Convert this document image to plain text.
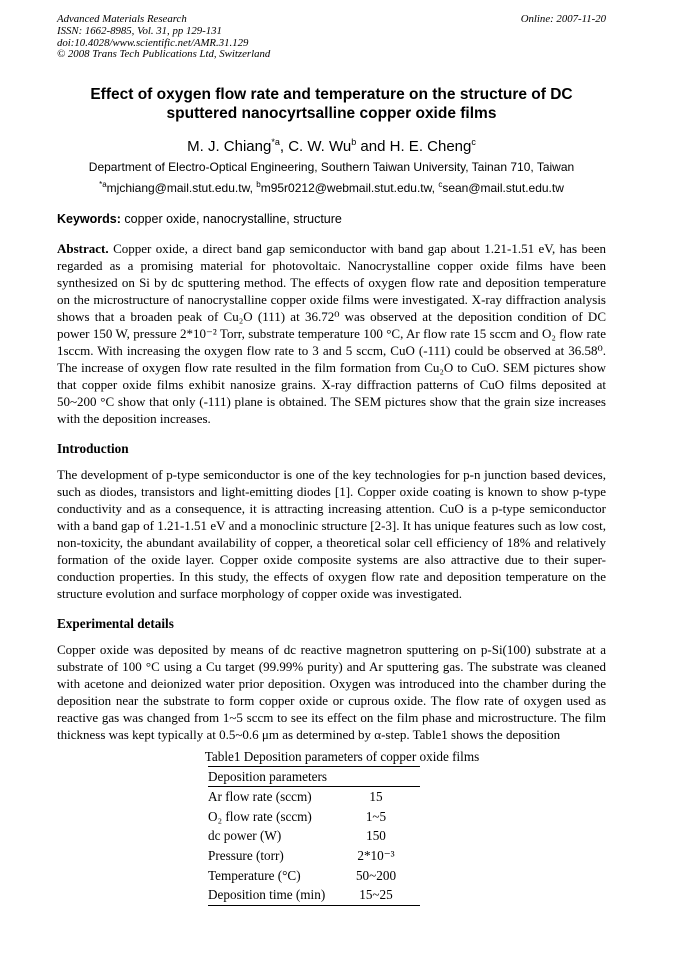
Advanced Materials Research
ISSN: 1662-8985, Vol. 31, pp 129-131
doi:10.4028/www.scientific.net/AMR.31.129
© 2008 Trans Tech Publications Ltd, Switzerland
Online: 2007-11-20
Effect of oxygen flow rate and temperature on the structure of DC sputtered nanocyrtsalline copper oxide films
M. J. Chiang$^{*a}$, C. W. Wu$^b$ and H. E. Cheng$^c$
Department of Electro-Optical Engineering, Southern Taiwan University, Tainan 710, Taiwan
$^{*a}$mjchiang@mail.stut.edu.tw, $^b$m95r0212@webmail.stut.edu.tw, $^c$sean@mail.stut.edu.tw
Keywords: copper oxide, nanocrystalline, structure

Abstract. Copper oxide, a direct band gap semiconductor with band gap about 1.21-1.51 eV, has been regarded as a promising material for photovoltaic. Nanocrystalline copper oxide films have been synthesized on Si by dc sputtering method. The effects of oxygen flow rate and deposition temperature on the microstructure of nanocrystalline copper oxide films were investigated. X-ray diffraction analysis shows that a broaden peak of Cu₂O (111) at 36.72⁰ was observed at the deposition condition of DC power 150 W, pressure 2*10⁻² Torr, substrate temperature 100 °C, Ar flow rate 15 sccm and O₂ flow rate 1sccm. With increasing the oxygen flow rate to 3 and 5 sccm, CuO (-111) could be observed at 36.58⁰. The increase of oxygen flow rate resulted in the film formation from Cu₂O to CuO. SEM pictures show that copper oxide films exhibit nanosize grains. X-ray diffraction patterns of CuO films deposited at 50~200 °C show that only (-111) plane is obtained. The SEM pictures show that the grain size increases with the deposition increases.

Introduction

The development of p-type semiconductor is one of the key technologies for p-n junction based devices, such as diodes, transistors and light-emitting diodes [1]. Copper oxide coating is known to show p-type conductivity and as a consequence, it is attracting increasing attention. CuO is a p-type semiconductor with a band gap of 1.21-1.51 eV and a monoclinic structure [2-3]. It has unique features such as low cost, non-toxicity, the abundant availability of copper, a theoretical solar cell efficiency of 18% and relatively formation of the oxide layer. Copper oxide composite systems are also attractive due to their super-conduction properties. In this study, the effects of oxygen flow rate and deposition temperature on the structure evolution and surface morphology of copper oxide was investigated.

Experimental details

Copper oxide was deposited by means of dc reactive magnetron sputtering on p-Si(100) substrate at a substrate of 100 °C using a Cu target (99.99% purity) and Ar sputtering gas. The substrate was cleaned with acetone and deionized water prior deposition. Oxygen was introduced into the chamber during the deposition near the substrate to form copper oxide or cuprous oxide. The flow rate of oxygen used as reactive gas was changed from 1~5 sccm to see its effect on the film phase and microstructure. The film thickness was kept typically at 0.5~0.6 μm as determined by α-step. Table1 shows the deposition

Table1 Deposition parameters of copper oxide films
Deposition parameters
Ar flow rate (sccm)	15
O₂ flow rate (sccm)	1~5
dc power (W)	150
Pressure (torr)	2*10⁻³
Temperature (°C)	50~200
Deposition time (min)	15~25
